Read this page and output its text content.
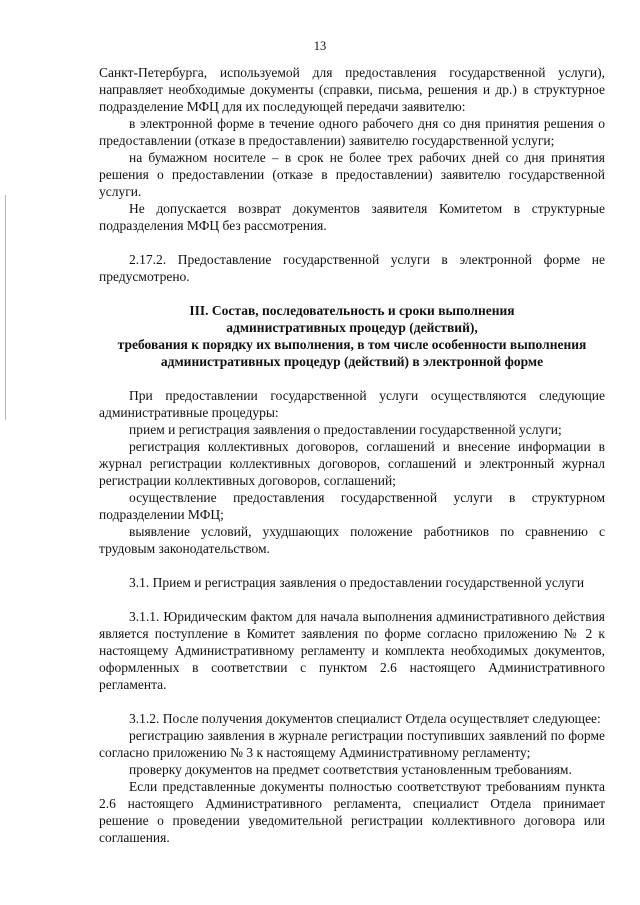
13

Санкт-Петербурга, используемой для предоставления государственной услуги), направляет необходимые документы (справки, письма, решения и др.) в структурное подразделение МФЦ для их последующей передачи заявителю:

в электронной форме в течение одного рабочего дня со дня принятия решения о предоставлении (отказе в предоставлении) заявителю государственной услуги;

на бумажном носителе – в срок не более трех рабочих дней со дня принятия решения о предоставлении (отказе в предоставлении) заявителю государственной услуги.

Не допускается возврат документов заявителя Комитетом в структурные подразделения МФЦ без рассмотрения.

2.17.2. Предоставление государственной услуги в электронной форме не предусмотрено.

III. Состав, последовательность и сроки выполнения
административных процедур (действий),
требования к порядку их выполнения, в том числе особенности выполнения
административных процедур (действий) в электронной форме

При предоставлении государственной услуги осуществляются следующие административные процедуры:

прием и регистрация заявления о предоставлении государственной услуги;

регистрация коллективных договоров, соглашений и внесение информации в журнал регистрации коллективных договоров, соглашений и электронный журнал регистрации коллективных договоров, соглашений;

осуществление предоставления государственной услуги в структурном подразделении МФЦ;

выявление условий, ухудшающих положение работников по сравнению с трудовым законодательством.

3.1. Прием и регистрация заявления о предоставлении государственной услуги

3.1.1. Юридическим фактом для начала выполнения административного действия является поступление в Комитет заявления по форме согласно приложению № 2 к настоящему Административному регламенту и комплекта необходимых документов, оформленных в соответствии с пунктом 2.6 настоящего Административного регламента.

3.1.2. После получения документов специалист Отдела осуществляет следующее:

регистрацию заявления в журнале регистрации поступивших заявлений по форме согласно приложению № 3 к настоящему Административному регламенту;

проверку документов на предмет соответствия установленным требованиям.

Если представленные документы полностью соответствуют требованиям пункта 2.6 настоящего Административного регламента, специалист Отдела принимает решение о проведении уведомительной регистрации коллективного договора или соглашения.
